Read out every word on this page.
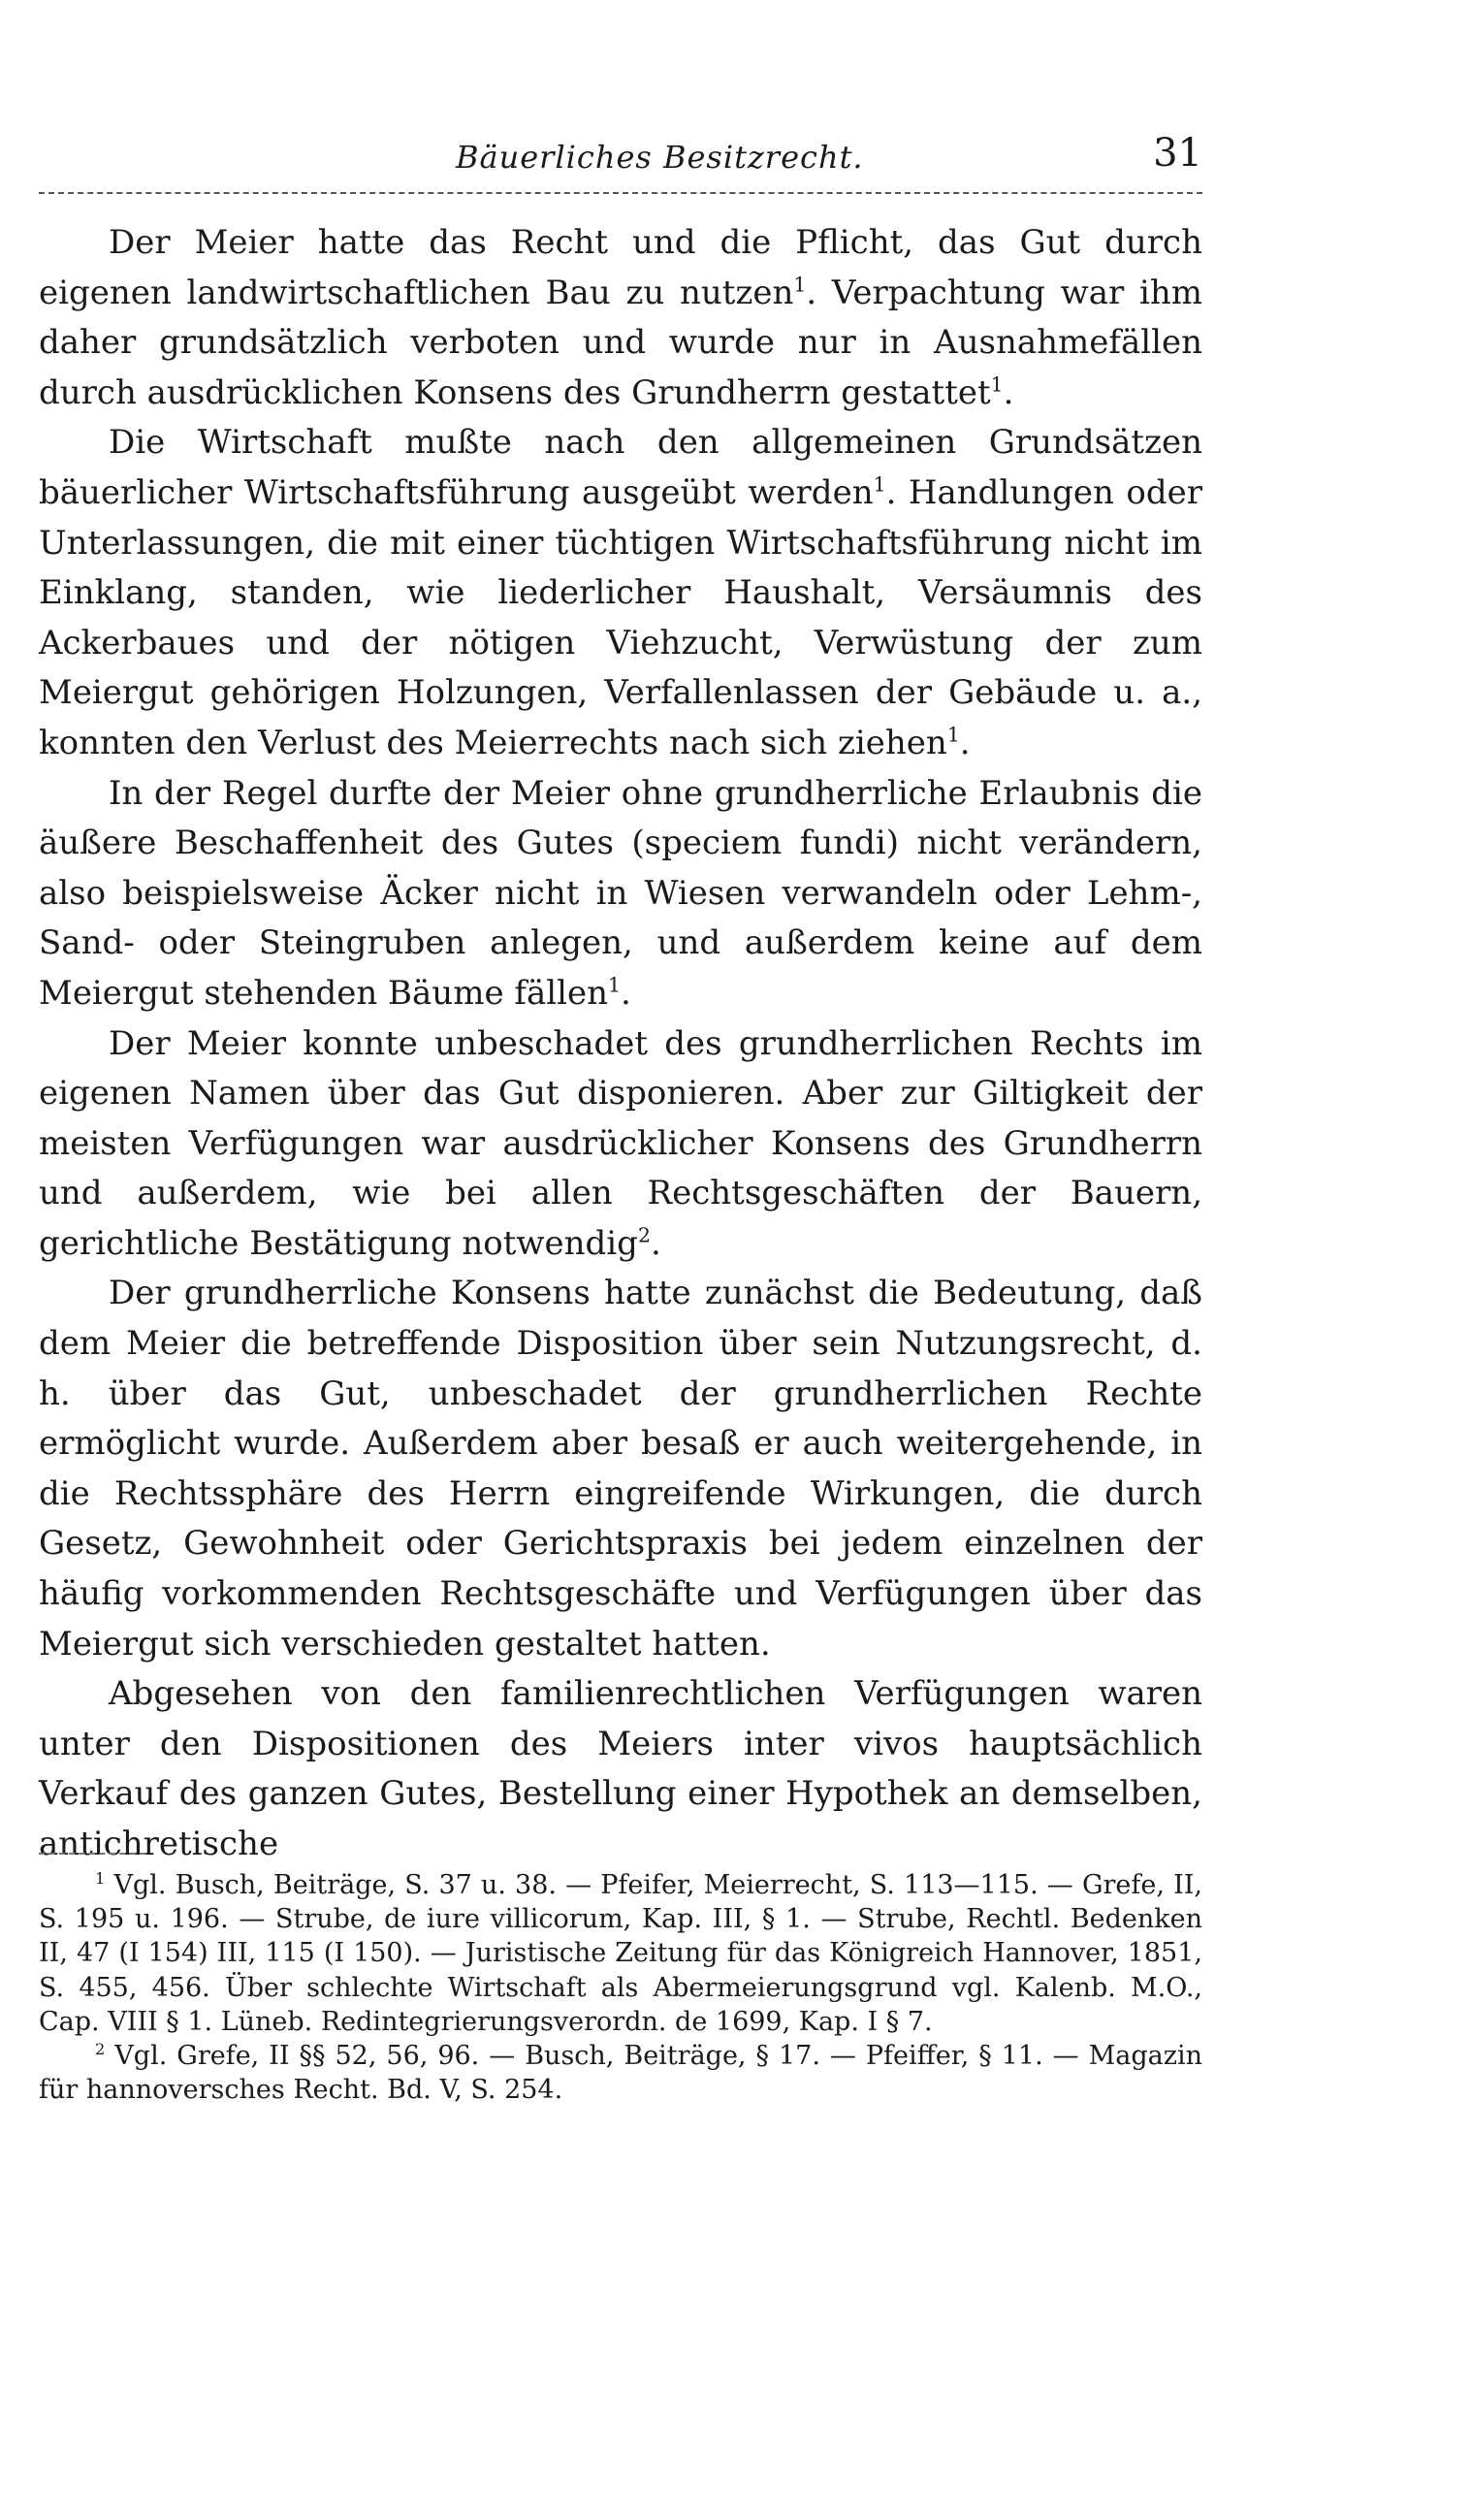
Bäuerliches Besitzrecht.	31

Der Meier hatte das Recht und die Pflicht, das Gut durch eigenen landwirtschaftlichen Bau zu nutzen$^1$. Verpachtung war ihm daher grundsätzlich verboten und wurde nur in Ausnahmefällen durch ausdrücklichen Konsens des Grundherrn gestattet$^1$.

Die Wirtschaft mußte nach den allgemeinen Grundsätzen bäuerlicher Wirtschaftsführung ausgeübt werden$^1$. Handlungen oder Unterlassungen, die mit einer tüchtigen Wirtschaftsführung nicht im Einklang, standen, wie liederlicher Haushalt, Versäumnis des Ackerbaues und der nötigen Viehzucht, Verwüstung der zum Meiergut gehörigen Holzungen, Verfallenlassen der Gebäude u. a., konnten den Verlust des Meierrechts nach sich ziehen$^1$.

In der Regel durfte der Meier ohne grundherrliche Erlaubnis die äußere Beschaffenheit des Gutes (speciem fundi) nicht verändern, also beispielsweise Äcker nicht in Wiesen verwandeln oder Lehm-, Sand- oder Steingruben anlegen, und außerdem keine auf dem Meiergut stehenden Bäume fällen$^1$.

Der Meier konnte unbeschadet des grundherrlichen Rechts im eigenen Namen über das Gut disponieren. Aber zur Giltigkeit der meisten Verfügungen war ausdrücklicher Konsens des Grundherrn und außerdem, wie bei allen Rechtsgeschäften der Bauern, gerichtliche Bestätigung notwendig$^2$.

Der grundherrliche Konsens hatte zunächst die Bedeutung, daß dem Meier die betreffende Disposition über sein Nutzungsrecht, d. h. über das Gut, unbeschadet der grundherrlichen Rechte ermöglicht wurde. Außerdem aber besaß er auch weitergehende, in die Rechtssphäre des Herrn eingreifende Wirkungen, die durch Gesetz, Gewohnheit oder Gerichtspraxis bei jedem einzelnen der häufig vorkommenden Rechtsgeschäfte und Verfügungen über das Meiergut sich verschieden gestaltet hatten.

Abgesehen von den familienrechtlichen Verfügungen waren unter den Dispositionen des Meiers inter vivos hauptsächlich Verkauf des ganzen Gutes, Bestellung einer Hypothek an demselben, antichretische

$^1$ Vgl. Busch, Beiträge, S. 37 u. 38. — Pfeifer, Meierrecht, S. 113—115. — Grefe, II, S. 195 u. 196. — Strube, de iure villicorum, Kap. III, § 1. — Strube, Rechtl. Bedenken II, 47 (I 154) III, 115 (I 150). — Juristische Zeitung für das Königreich Hannover, 1851, S. 455, 456. Über schlechte Wirtschaft als Abermeierungsgrund vgl. Kalenb. M.O., Cap. VIII § 1. Lüneb. Redintegrierungsverordn. de 1699, Kap. I § 7.

$^2$ Vgl. Grefe, II §§ 52, 56, 96. — Busch, Beiträge, § 17. — Pfeiffer, § 11. — Magazin für hannoversches Recht. Bd. V, S. 254.
